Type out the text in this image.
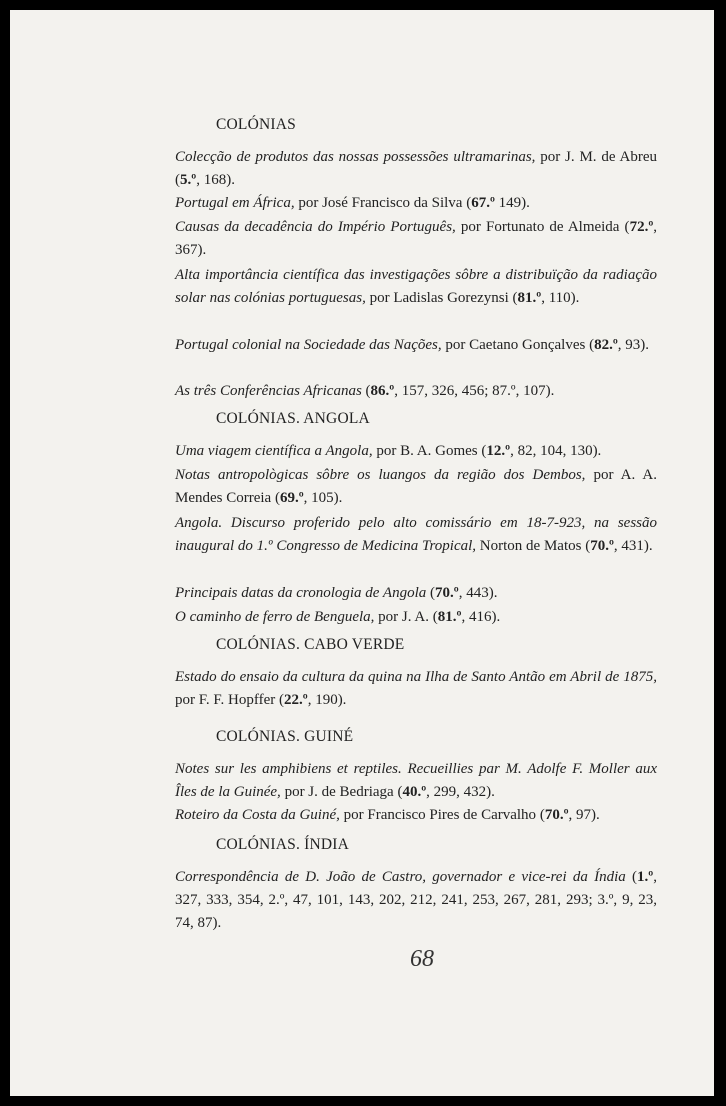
COLÓNIAS
Colecção de produtos das nossas possessões ultramarinas, por J. M. de Abreu (5.º, 168).
Portugal em África, por José Francisco da Silva (67.º 149).
Causas da decadência do Império Português, por Fortunato de Almeida (72.º, 367).
Alta importância científica das investigações sôbre a distribuïção da radiação solar nas colónias portuguesas, por Ladislas Gorezynsi (81.º, 110).
Portugal colonial na Sociedade das Nações, por Caetano Gonçalves (82.º, 93).
As três Conferências Africanas (86.º, 157, 326, 456; 87.º, 107).
COLÓNIAS. ANGOLA
Uma viagem científica a Angola, por B. A. Gomes (12.º, 82, 104, 130).
Notas antropològicas sôbre os luangos da região dos Dembos, por A. A. Mendes Correia (69.º, 105).
Angola. Discurso proferido pelo alto comissário em 18-7-923, na sessão inaugural do 1.º Congresso de Medicina Tropical, Norton de Matos (70.º, 431).
Principais datas da cronologia de Angola (70.º, 443).
O caminho de ferro de Benguela, por J. A. (81.º, 416).
COLÓNIAS. CABO VERDE
Estado do ensaio da cultura da quina na Ilha de Santo Antão em Abril de 1875, por F. F. Hopffer (22.º, 190).
COLÓNIAS. GUINÉ
Notes sur les amphibiens et reptiles. Recueillies par M. Adolfe F. Moller aux Îles de la Guinée, por J. de Bedriaga (40.º, 299, 432).
Roteiro da Costa da Guiné, por Francisco Pires de Carvalho (70.º, 97).
COLÓNIAS. ÍNDIA
Correspondência de D. João de Castro, governador e vice-rei da Índia (1.º, 327, 333, 354, 2.º, 47, 101, 143, 202, 212, 241, 253, 267, 281, 293; 3.º, 9, 23, 74, 87).
68
